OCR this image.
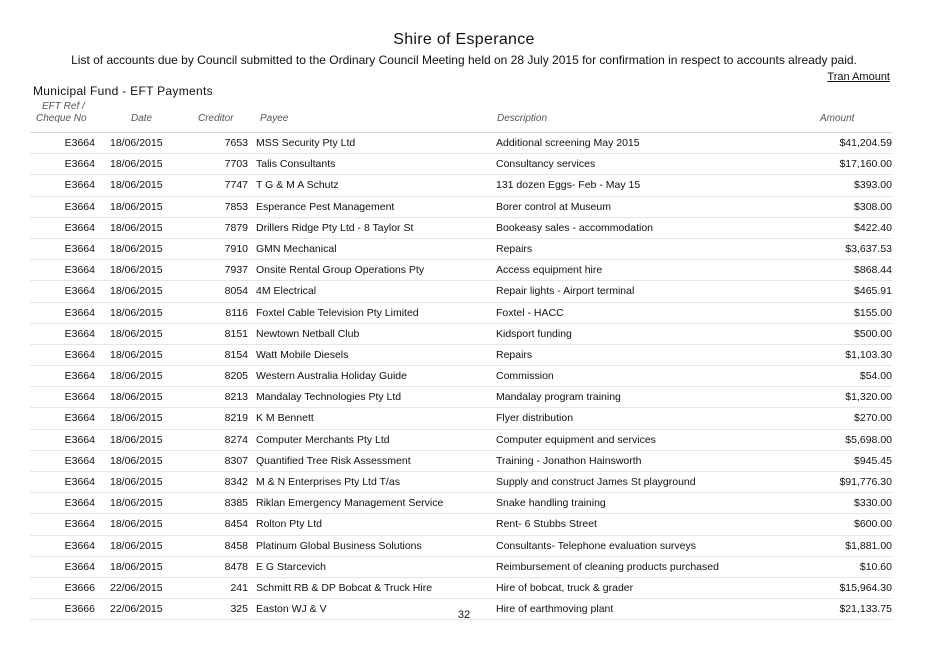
Shire of Esperance
List of accounts due by Council submitted to the Ordinary Council Meeting held on 28 July 2015 for confirmation in respect to accounts already paid.
Tran Amount
Municipal Fund - EFT Payments
EFT Ref /
Cheque No	Date	Creditor	Payee	Description	Amount
E3664 18/06/2015	7653 MSS Security Pty Ltd	Additional screening May 2015	$41,204.59
E3664 18/06/2015	7703 Talis Consultants	Consultancy services	$17,160.00
E3664 18/06/2015	7747 T G & M A Schutz	131 dozen Eggs- Feb - May 15	$393.00
E3664 18/06/2015	7853 Esperance Pest Management	Borer control at Museum	$308.00
E3664 18/06/2015	7879 Drillers Ridge Pty Ltd - 8 Taylor St	Bookeasy sales - accommodation	$422.40
E3664 18/06/2015	7910 GMN Mechanical	Repairs	$3,637.53
E3664 18/06/2015	7937 Onsite Rental Group Operations Pty	Access equipment hire	$868.44
E3664 18/06/2015	8054 4M Electrical	Repair lights - Airport terminal	$465.91
E3664 18/06/2015	8116 Foxtel Cable Television Pty Limited	Foxtel - HACC	$155.00
E3664 18/06/2015	8151 Newtown Netball Club	Kidsport funding	$500.00
E3664 18/06/2015	8154 Watt Mobile Diesels	Repairs	$1,103.30
E3664 18/06/2015	8205 Western Australia Holiday Guide	Commission	$54.00
E3664 18/06/2015	8213 Mandalay Technologies Pty Ltd	Mandalay program training	$1,320.00
E3664 18/06/2015	8219 K M Bennett	Flyer distribution	$270.00
E3664 18/06/2015	8274 Computer Merchants Pty Ltd	Computer equipment and services	$5,698.00
E3664 18/06/2015	8307 Quantified Tree Risk Assessment	Training - Jonathon Hainsworth	$945.45
E3664 18/06/2015	8342 M & N Enterprises Pty Ltd T/as	Supply and construct James St playground	$91,776.30
E3664 18/06/2015	8385 Riklan Emergency Management Service	Snake handling training	$330.00
E3664 18/06/2015	8454 Rolton Pty Ltd	Rent- 6 Stubbs Street	$600.00
E3664 18/06/2015	8458 Platinum Global Business Solutions	Consultants- Telephone evaluation surveys	$1,881.00
E3664 18/06/2015	8478 E G Starcevich	Reimbursement of cleaning products purchased	$10.60
E3666 22/06/2015	241 Schmitt RB & DP Bobcat & Truck Hire	Hire of bobcat, truck & grader	$15,964.30
E3666 22/06/2015	325 Easton WJ & V	Hire of earthmoving plant	$21,133.75
32
